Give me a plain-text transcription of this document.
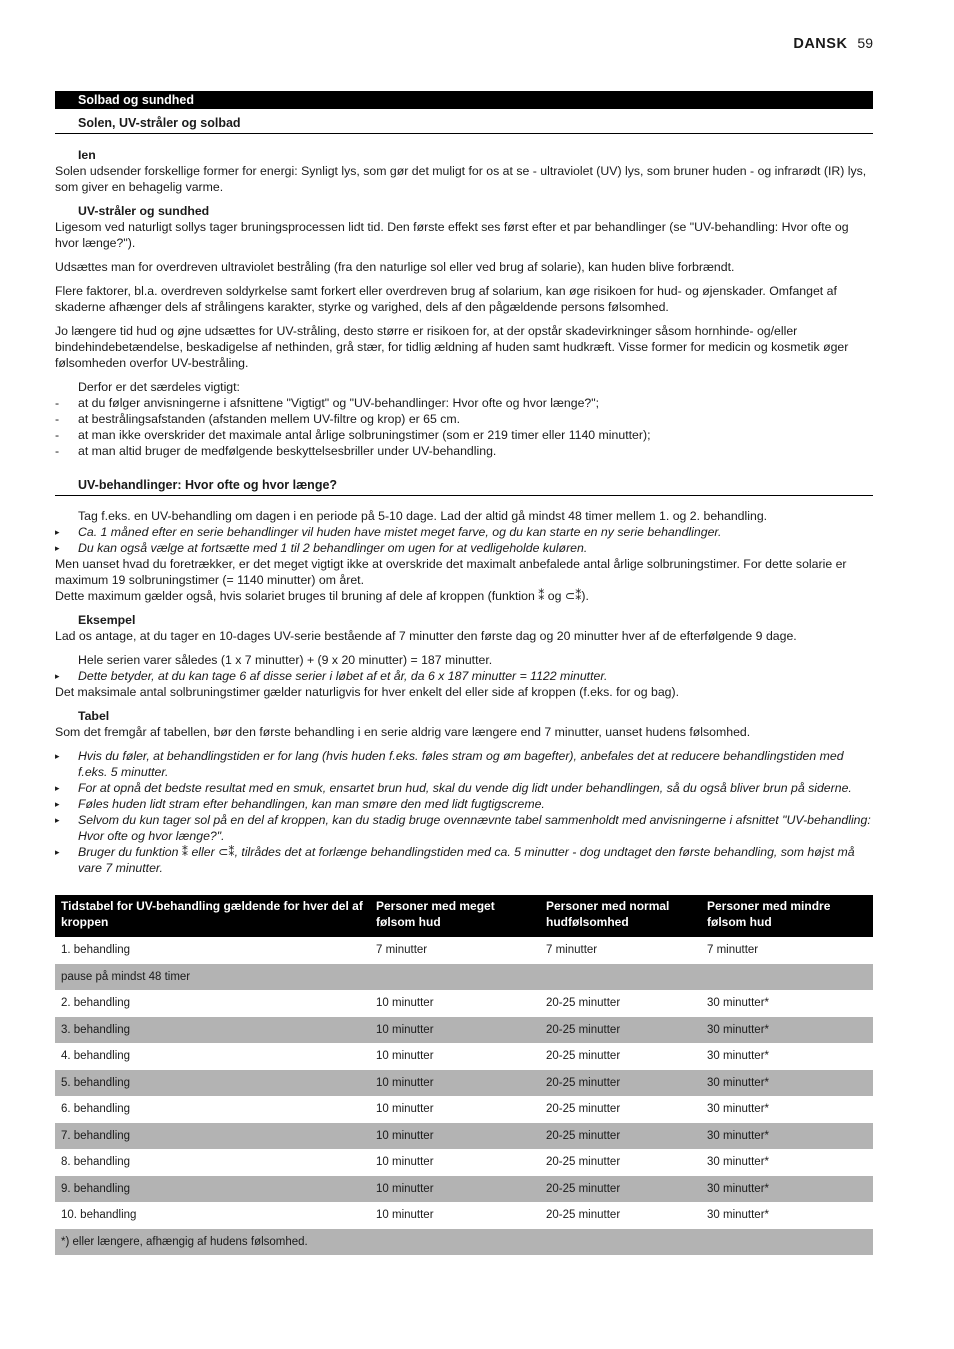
DANSK 59
Solbad og sundhed
Solen, UV-stråler og solbad
Ien

Solen udsender forskellige former for energi: Synligt lys, som gør det muligt for os at se - ultraviolet (UV) lys, som bruner huden - og infrarødt (IR) lys, som giver en behagelig varme.

UV-stråler og sundhed

Ligesom ved naturligt sollys tager bruningsprocessen lidt tid. Den første effekt ses først efter et par behandlinger (se "UV-behandling: Hvor ofte og hvor længe?").

Udsættes man for overdreven ultraviolet bestråling (fra den naturlige sol eller ved brug af solarie), kan huden blive forbrændt.

Flere faktorer, bl.a. overdreven soldyrkelse samt forkert eller overdreven brug af solarium, kan øge risikoen for hud- og øjenskader. Omfanget af skaderne afhænger dels af strålingens karakter, styrke og varighed, dels af den pågældende persons følsomhed.

Jo længere tid hud og øjne udsættes for UV-stråling, desto større er risikoen for, at der opstår skadevirkninger såsom hornhinde- og/eller bindehindebetændelse, beskadigelse af nethinden, grå stær, for tidlig ældning af huden samt hudkræft. Visse former for medicin og kosmetik øger følsomheden overfor UV-bestråling.

Derfor er det særdeles vigtigt:
- at du følger anvisningerne i afsnittene "Vigtigt" og "UV-behandlinger: Hvor ofte og hvor længe?";
- at bestrålingsafstanden (afstanden mellem UV-filtre og krop) er 65 cm.
- at man ikke overskrider det maximale antal årlige solbruningstimer (som er 219 timer eller 1140 minutter);
- at man altid bruger de medfølgende beskyttelsesbriller under UV-behandling.
UV-behandlinger: Hvor ofte og hvor længe?
Tag f.eks. en UV-behandling om dagen i en periode på 5-10 dage. Lad der altid gå mindst 48 timer mellem 1. og 2. behandling.
▸ Ca. 1 måned efter en serie behandlinger vil huden have mistet meget farve, og du kan starte en ny serie behandlinger.
▸ Du kan også vælge at fortsætte med 1 til 2 behandlinger om ugen for at vedligeholde kuløren.

Men uanset hvad du foretrækker, er det meget vigtigt ikke at overskride det maximalt anbefalede antal årlige solbruningstimer. For dette solarie er maximum 19 solbruningstimer (= 1140 minutter) om året.

Dette maximum gælder også, hvis solariet bruges til bruning af dele af kroppen (funktion ⁑ og ⊂⁑).

Eksempel

Lad os antage, at du tager en 10-dages UV-serie bestående af 7 minutter den første dag og 20 minutter hver af de efterfølgende 9 dage.

Hele serien varer således (1 x 7 minutter) + (9 x 20 minutter) = 187 minutter.
▸ Dette betyder, at du kan tage 6 af disse serier i løbet af et år, da 6 x 187 minutter = 1122 minutter.

Det maksimale antal solbruningstimer gælder naturligvis for hver enkelt del eller side af kroppen (f.eks. for og bag).

Tabel

Som det fremgår af tabellen, bør den første behandling i en serie aldrig vare længere end 7 minutter, uanset hudens følsomhed.

▸ Hvis du føler, at behandlingstiden er for lang (hvis huden f.eks. føles stram og øm bagefter), anbefales det at reducere behandlingstiden med f.eks. 5 minutter.
▸ For at opnå det bedste resultat med en smuk, ensartet brun hud, skal du vende dig lidt under behandlingen, så du også bliver brun på siderne.
▸ Føles huden lidt stram efter behandlingen, kan man smøre den med lidt fugtigscreme.
▸ Selvom du kun tager sol på en del af kroppen, kan du stadig bruge ovennævnte tabel sammenholdt med anvisningerne i afsnittet "UV-behandling: Hvor ofte og hvor længe?".
▸ Bruger du funktion ⁑ eller ⊂⁑, tilrådes det at forlænge behandlingstiden med ca. 5 minutter - dog undtaget den første behandling, som højst må vare 7 minutter.
Tidstabel for UV-behandling gældende for hver del af kroppen	Personer med meget følsom hud	Personer med normal hudfølsomhed	Personer med mindre følsom hud
1. behandling	7 minutter	7 minutter	7 minutter
pause på mindst 48 timer			
2. behandling	10 minutter	20-25 minutter	30 minutter*
3. behandling	10 minutter	20-25 minutter	30 minutter*
4. behandling	10 minutter	20-25 minutter	30 minutter*
5. behandling	10 minutter	20-25 minutter	30 minutter*
6. behandling	10 minutter	20-25 minutter	30 minutter*
7. behandling	10 minutter	20-25 minutter	30 minutter*
8. behandling	10 minutter	20-25 minutter	30 minutter*
9. behandling	10 minutter	20-25 minutter	30 minutter*
10. behandling	10 minutter	20-25 minutter	30 minutter*
*) eller længere, afhængig af hudens følsomhed.			
